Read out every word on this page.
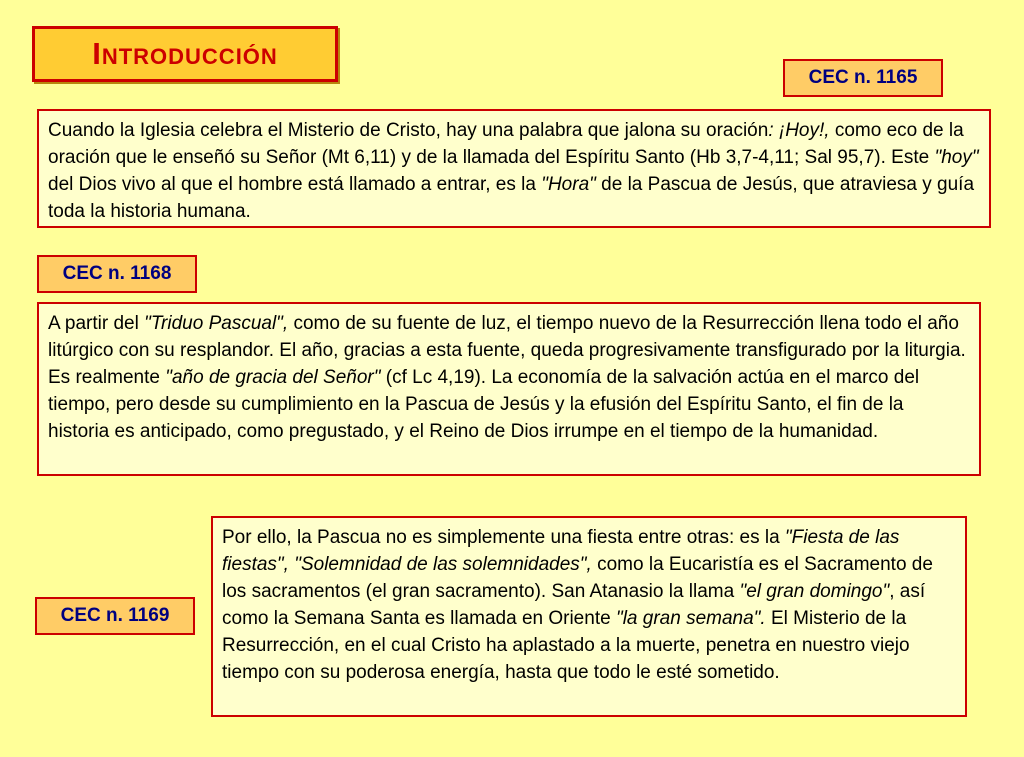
INTRODUCCIÓN
CEC n. 1165
Cuando la Iglesia celebra el Misterio de Cristo, hay una palabra que jalona su oración: ¡Hoy!, como eco de la oración que le enseñó su Señor (Mt 6,11) y de la llamada del Espíritu Santo (Hb 3,7-4,11; Sal 95,7). Este "hoy" del Dios vivo al que el hombre está llamado a entrar, es la "Hora" de la Pascua de Jesús, que atraviesa y guía toda la historia humana.
CEC n. 1168
A partir del "Triduo Pascual", como de su fuente de luz, el tiempo nuevo de la Resurrección llena todo el año litúrgico con su resplandor. El año, gracias a esta fuente, queda progresivamente transfigurado por la liturgia. Es realmente "año de gracia del Señor" (cf Lc 4,19). La economía de la salvación actúa en el marco del tiempo, pero desde su cumplimiento en la Pascua de Jesús y la efusión del Espíritu Santo, el fin de la historia es anticipado, como pregustado, y el Reino de Dios irrumpe en el tiempo de la humanidad.
CEC n. 1169
Por ello, la Pascua no es simplemente una fiesta entre otras: es la "Fiesta de las fiestas", "Solemnidad de las solemnidades", como la Eucaristía es el Sacramento de los sacramentos (el gran sacramento). San Atanasio la llama "el gran domingo", así como la Semana Santa es llamada en Oriente "la gran semana". El Misterio de la Resurrección, en el cual Cristo ha aplastado a la muerte, penetra en nuestro viejo tiempo con su poderosa energía, hasta que todo le esté sometido.
